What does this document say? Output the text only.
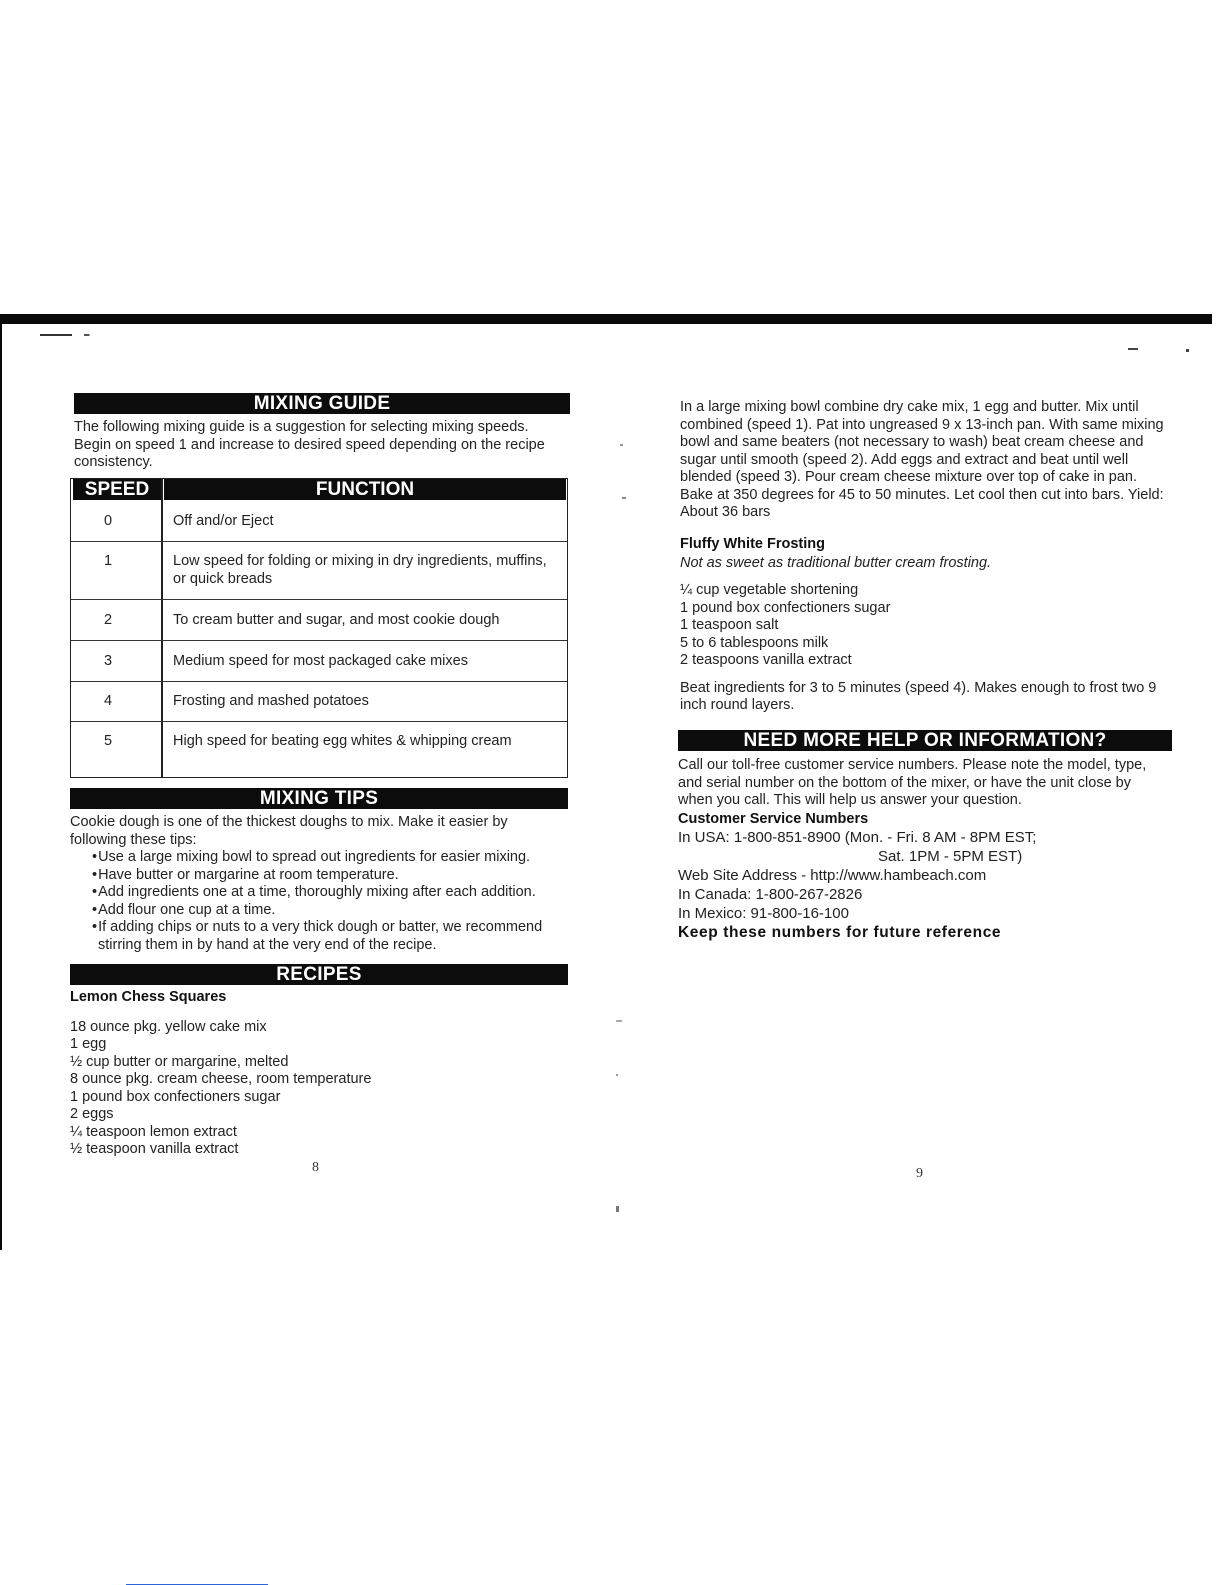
MIXING GUIDE

The following mixing guide is a suggestion for selecting mixing speeds. Begin on speed 1 and increase to desired speed depending on the recipe consistency.

SPEED	FUNCTION
0	Off and/or Eject
1	Low speed for folding or mixing in dry ingredients, muffins, or quick breads
2	To cream butter and sugar, and most cookie dough
3	Medium speed for most packaged cake mixes
4	Frosting and mashed potatoes
5	High speed for beating egg whites & whipping cream
MIXING TIPS

Cookie dough is one of the thickest doughs to mix. Make it easier by following these tips:

• Use a large mixing bowl to spread out ingredients for easier mixing.
• Have butter or margarine at room temperature.
• Add ingredients one at a time, thoroughly mixing after each addition.
• Add flour one cup at a time.
• If adding chips or nuts to a very thick dough or batter, we recommend stirring them in by hand at the very end of the recipe.
RECIPES

Lemon Chess Squares

18 ounce pkg. yellow cake mix
1 egg
½ cup butter or margarine, melted
8 ounce pkg. cream cheese, room temperature
1 pound box confectioners sugar
2 eggs
¼ teaspoon lemon extract
½ teaspoon vanilla extract
8

In a large mixing bowl combine dry cake mix, 1 egg and butter. Mix until combined (speed 1). Pat into ungreased 9 x 13-inch pan. With same mixing bowl and same beaters (not necessary to wash) beat cream cheese and sugar until smooth (speed 2). Add eggs and extract and beat until well blended (speed 3). Pour cream cheese mixture over top of cake in pan. Bake at 350 degrees for 45 to 50 minutes. Let cool then cut into bars. Yield: About 36 bars

Fluffy White Frosting

Not as sweet as traditional butter cream frosting.

¼ cup vegetable shortening
1 pound box confectioners sugar
1 teaspoon salt
5 to 6 tablespoons milk
2 teaspoons vanilla extract

Beat ingredients for 3 to 5 minutes (speed 4). Makes enough to frost two 9 inch round layers.

NEED MORE HELP OR INFORMATION?

Call our toll-free customer service numbers. Please note the model, type, and serial number on the bottom of the mixer, or have the unit close by when you call. This will help us answer your question.

Customer Service Numbers

In USA: 1-800-851-8900 (Mon. - Fri. 8 AM - 8PM EST;
Sat. 1PM - 5PM EST)
Web Site Address - http://www.hambeach.com
In Canada: 1-800-267-2826
In Mexico: 91-800-16-100
Keep these numbers for future reference
9
